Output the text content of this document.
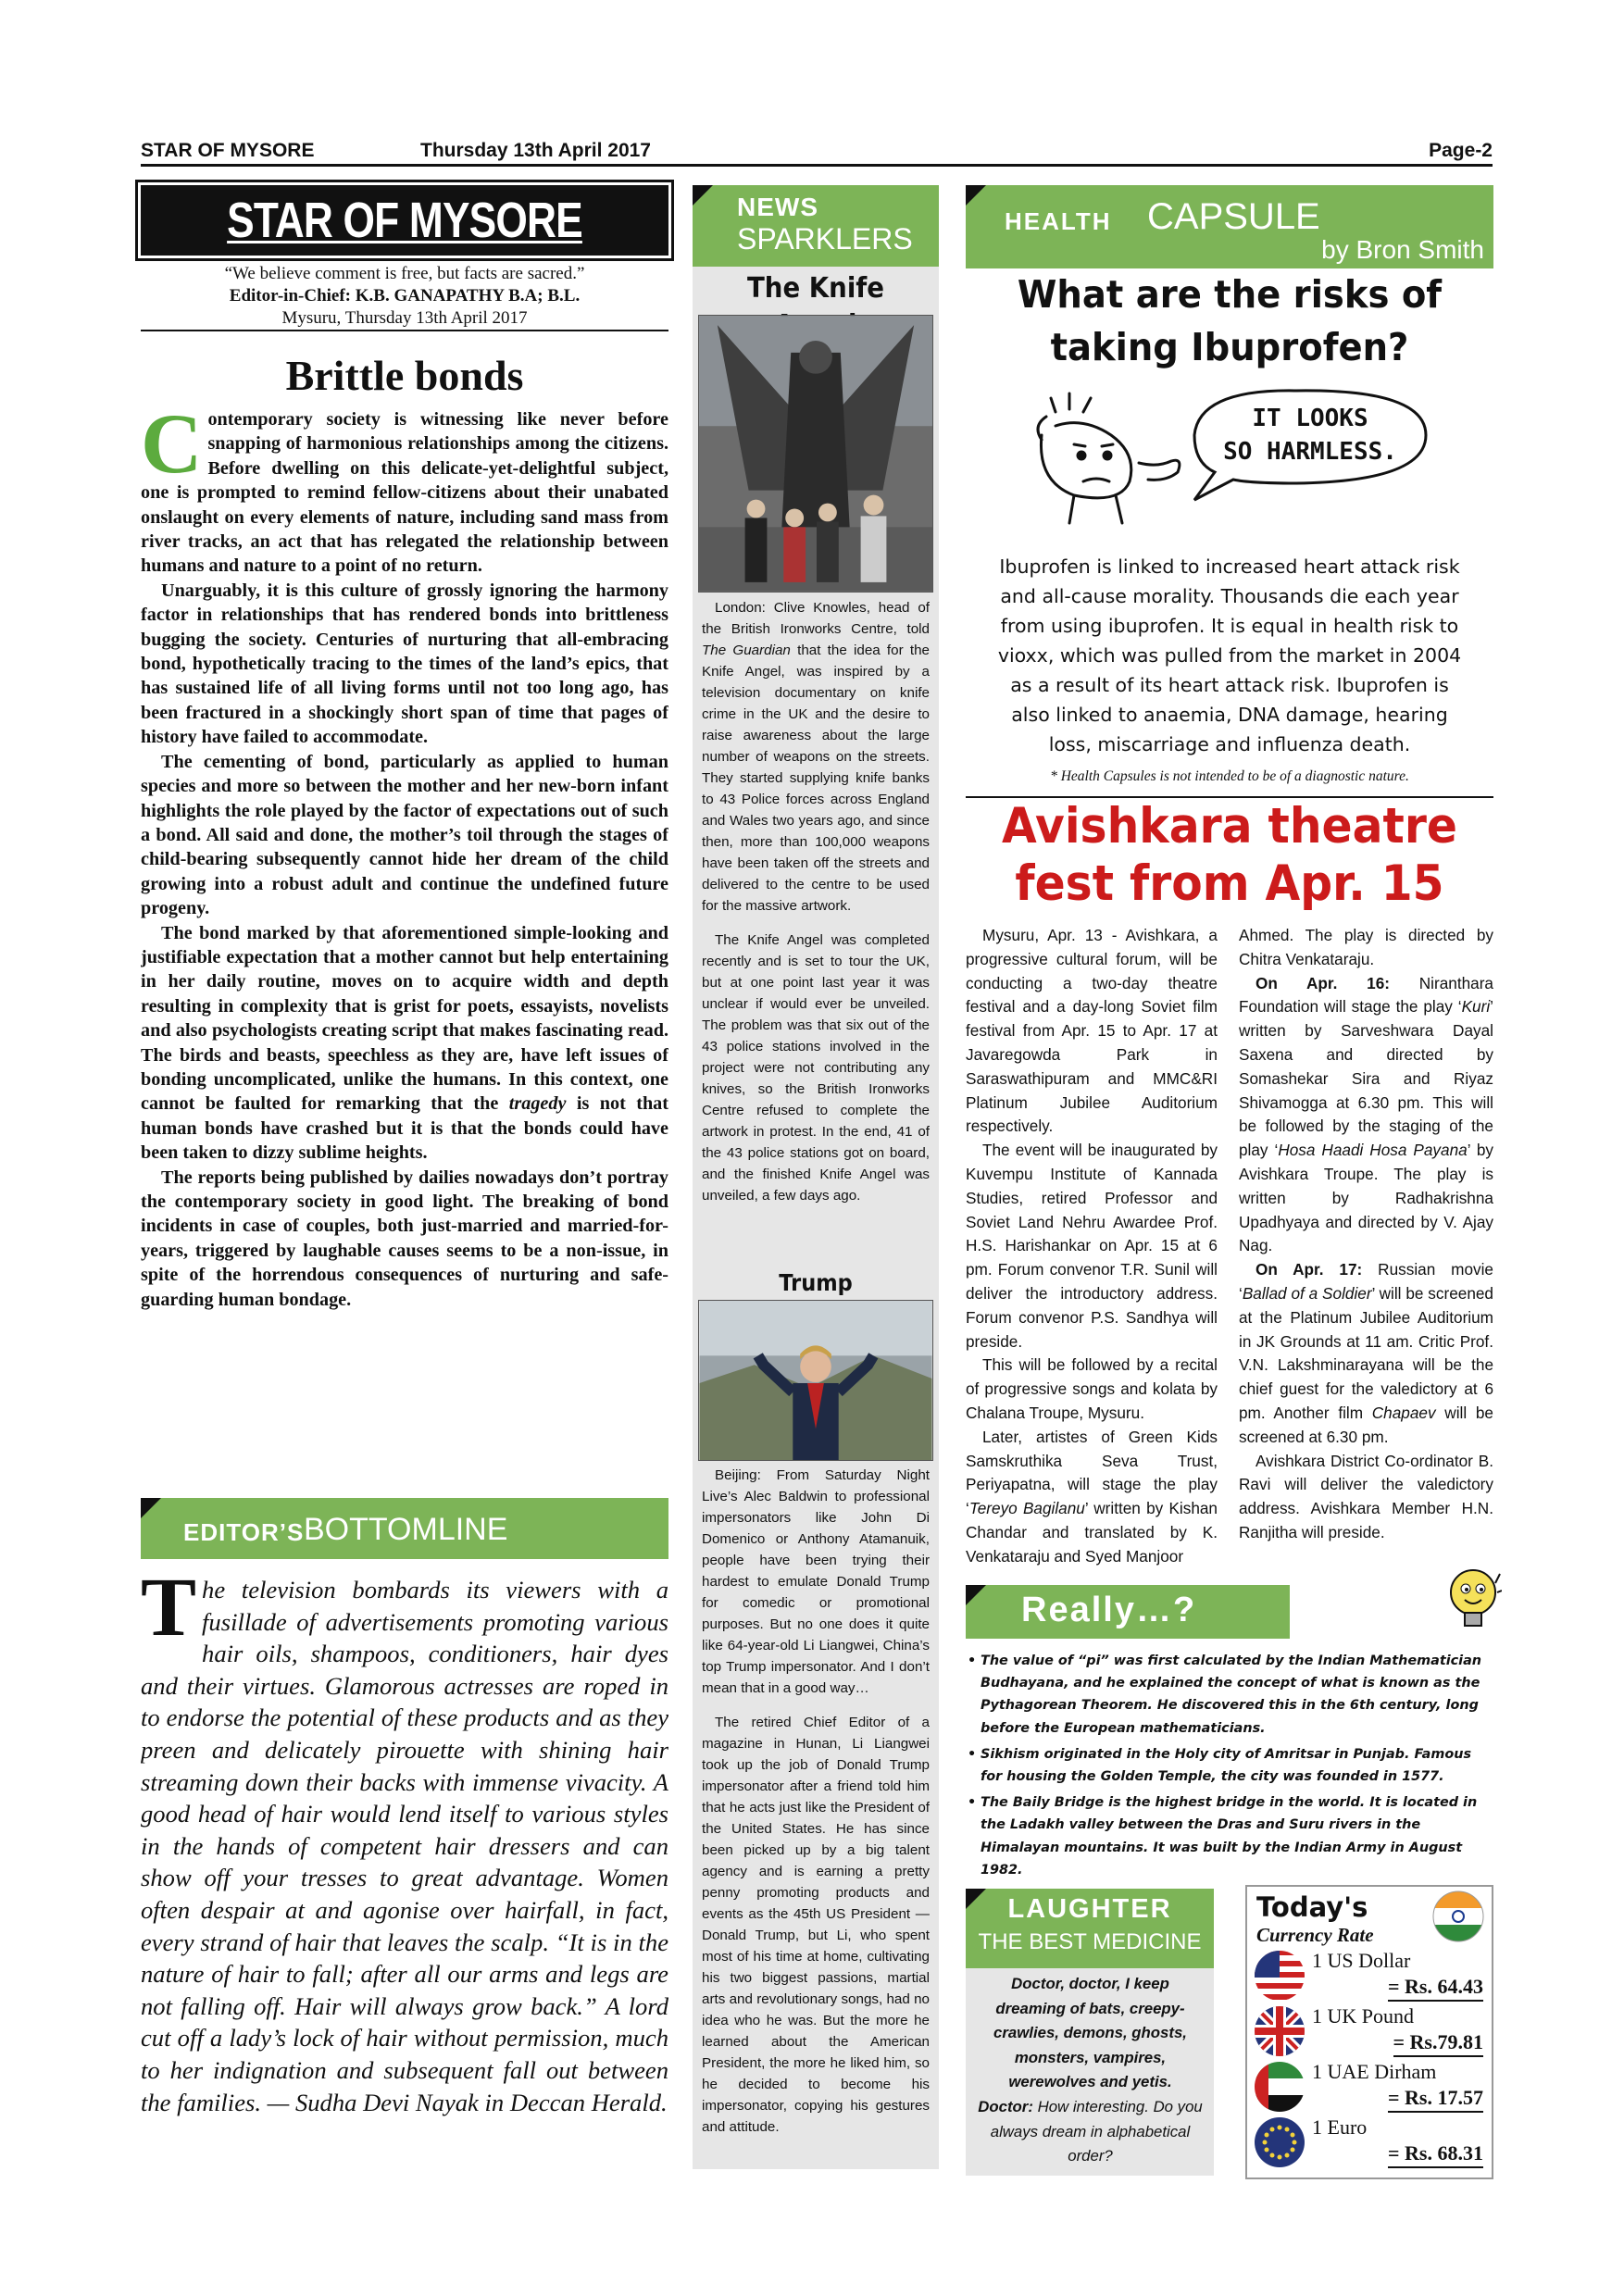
STAR OF MYSORE	Thursday 13th April 2017	Page-2
STAR OF MYSORE

“We believe comment is free, but facts are sacred.”

Editor-in-Chief: K.B. GANAPATHY B.A; B.L.

Mysuru, Thursday 13th April 2017

Brittle bonds

Contemporary society is witnessing like never before snapping of harmonious relationships among the citizens. Before dwelling on this delicate-yet-delightful subject, one is prompted to remind fellow-citizens about their unabated onslaught on every elements of nature, including sand mass from river tracks, an act that has relegated the relationship between humans and nature to a point of no return.

Unarguably, it is this culture of grossly ignoring the harmony factor in relationships that has rendered bonds into brittleness bugging the society. Centuries of nurturing that all-embracing bond, hypothetically tracing to the times of the land’s epics, that has sustained life of all living forms until not too long ago, has been fractured in a shockingly short span of time that pages of history have failed to accommodate.

The cementing of bond, particularly as applied to human species and more so between the mother and her new-born infant highlights the role played by the factor of expectations out of such a bond. All said and done, the mother’s toil through the stages of child-bearing subsequently cannot hide her dream of the child growing into a robust adult and continue the undefined future progeny.

The bond marked by that aforementioned simple-looking and justifiable expectation that a mother cannot but help entertaining in her daily routine, moves on to acquire width and depth resulting in complexity that is grist for poets, essayists, novelists and also psychologists creating script that makes fascinating read. The birds and beasts, speechless as they are, have left issues of bonding uncomplicated, unlike the humans. In this context, one cannot be faulted for remarking that the tragedy is not that human bonds have crashed but it is that the bonds could have been taken to dizzy sublime heights.

The reports being published by dailies nowadays don’t portray the contemporary society in good light. The breaking of bond incidents in case of couples, both just-married and married-for-years, triggered by laughable causes seems to be a non-issue, in spite of the horrendous consequences of nurturing and safe-guarding human bondage.

EDITOR’S BOTTOMLINE
The television bombards its viewers with a fusillade of advertisements promoting various hair oils, shampoos, conditioners, hair dyes and their virtues. Glamorous actresses are roped in to endorse the potential of these products and as they preen and delicately pirouette with shining hair streaming down their backs with immense vivacity. A good head of hair would lend itself to various styles in the hands of competent hair dressers and can show off your tresses to great advantage. Women often despair at and agonise over hairfall, in fact, every strand of hair that leaves the scalp. “It is in the nature of hair to fall; after all our arms and legs are not falling off. Hair will always grow back.” A lord cut off a lady’s lock of hair without permission, much to her indignation and subsequent fall out between the families. — Sudha Devi Nayak in Deccan Herald.
NEWS
SPARKLERS
The Knife

London: Clive Knowles, head of the British Ironworks Centre, told The Guardian that the idea for the Knife Angel, was inspired by a television documentary on knife crime in the UK and the desire to raise awareness about the large number of weapons on the streets. They started supplying knife banks to 43 Police forces across England and Wales two years ago, and since then, more than 100,000 weapons have been taken off the streets and delivered to the centre to be used for the massive artwork.

The Knife Angel was completed recently and is set to tour the UK, but at one point last year it was unclear if would ever be unveiled. The problem was that six out of the 43 police stations involved in the project were not contributing any knives, so the British Ironworks Centre refused to complete the artwork in protest. In the end, 41 of the 43 police stations got on board, and the finished Knife Angel was unveiled, a few days ago.

Trump

Beijing: From Saturday Night Live’s Alec Baldwin to professional impersonators like John Di Domenico or Anthony Atamanuik, people have been trying their hardest to emulate Donald Trump for comedic or promotional purposes. But no one does it quite like 64-year-old Li Liangwei, China’s top Trump impersonator. And I don’t mean that in a good way…

The retired Chief Editor of a magazine in Hunan, Li Liangwei took up the job of Donald Trump impersonator after a friend told him that he acts just like the President of the United States. He has since been picked up by a big talent agency and is earning a pretty penny promoting products and events as the 45th US President —Donald Trump, but Li, who spent most of his time at home, cultivating his two biggest passions, martial arts and revolutionary songs, had no idea who he was. But the more he learned about the American President, the more he liked him, so he decided to become his impersonator, copying his gestures and attitude.

HEALTH CAPSULE
by Bron Smith
What are the risks of taking Ibuprofen?
IT LOOKS
SO HARMLESS.

Ibuprofen is linked to increased heart attack risk and all-cause morality. Thousands die each year from using ibuprofen. It is equal in health risk to vioxx, which was pulled from the market in 2004 as a result of its heart attack risk. Ibuprofen is also linked to anaemia, DNA damage, hearing loss, miscarriage and influenza death.

* Health Capsules is not intended to be of a diagnostic nature.

Avishkara theatre fest from Apr. 15

Mysuru, Apr. 13 - Avishkara, a progressive cultural forum, will be conducting a two-day theatre festival and a day-long Soviet film festival from Apr. 15 to Apr. 17 at Javaregowda Park in Saraswathipuram and MMC&RI Platinum Jubilee Auditorium respectively.

The event will be inaugurated by Kuvempu Institute of Kannada Studies, retired Professor and Soviet Land Nehru Awardee Prof. H.S. Harishankar on Apr. 15 at 6 pm. Forum convenor T.R. Sunil will deliver the introductory address. Forum convenor P.S. Sandhya will preside.

This will be followed by a recital of progressive songs and kolata by Chalana Troupe, Mysuru.

Later, artistes of Green Kids Samskruthika Seva Trust, Periyapatna, will stage the play ‘Tereyo Bagilanu’ written by Kishan Chandar and translated by K. Venkataraju and Syed Manjoor

Ahmed. The play is directed by Chitra Venkataraju.

On Apr. 16: Niranthara Foundation will stage the play ‘Kuri’ written by Sarveshwara Dayal Saxena and directed by Somashekar Sira and Riyaz Shivamogga at 6.30 pm. This will be followed by the staging of the play ‘Hosa Haadi Hosa Payana’ by Avishkara Troupe. The play is written by Radhakrishna Upadhyaya and directed by V. Ajay Nag.

On Apr. 17: Russian movie ‘Ballad of a Soldier’ will be screened at the Platinum Jubilee Auditorium in JK Grounds at 11 am. Critic Prof. V.N. Lakshminarayana will be the chief guest for the valedictory at 6 pm. Another film Chapaev will be screened at 6.30 pm.

Avishkara District Co-ordinator B. Ravi will deliver the valedictory address. Avishkara Member H.N. Ranjitha will preside.

Really…?
• The value of “pi” was first calculated by the Indian Mathematician Budhayana, and he explained the concept of what is known as the Pythagorean Theorem. He discovered this in the 6th century, long before the European mathematicians.
• Sikhism originated in the Holy city of Amritsar in Punjab. Famous for housing the Golden Temple, the city was founded in 1577.
• The Baily Bridge is the highest bridge in the world. It is located in the Ladakh valley between the Dras and Suru rivers in the Himalayan mountains. It was built by the Indian Army in August 1982.
LAUGHTER
THE BEST MEDICINE

Doctor, doctor, I keep dreaming of bats, creepy-crawlies, demons, ghosts, monsters, vampires, werewolves and yetis.

Doctor: How interesting. Do you always dream in alphabetical order?

Today's
Currency Rate
1 US Dollar
= Rs. 64.43
1 UK Pound
= Rs.79.81
1 UAE Dirham
= Rs. 17.57
1 Euro
= Rs. 68.31
